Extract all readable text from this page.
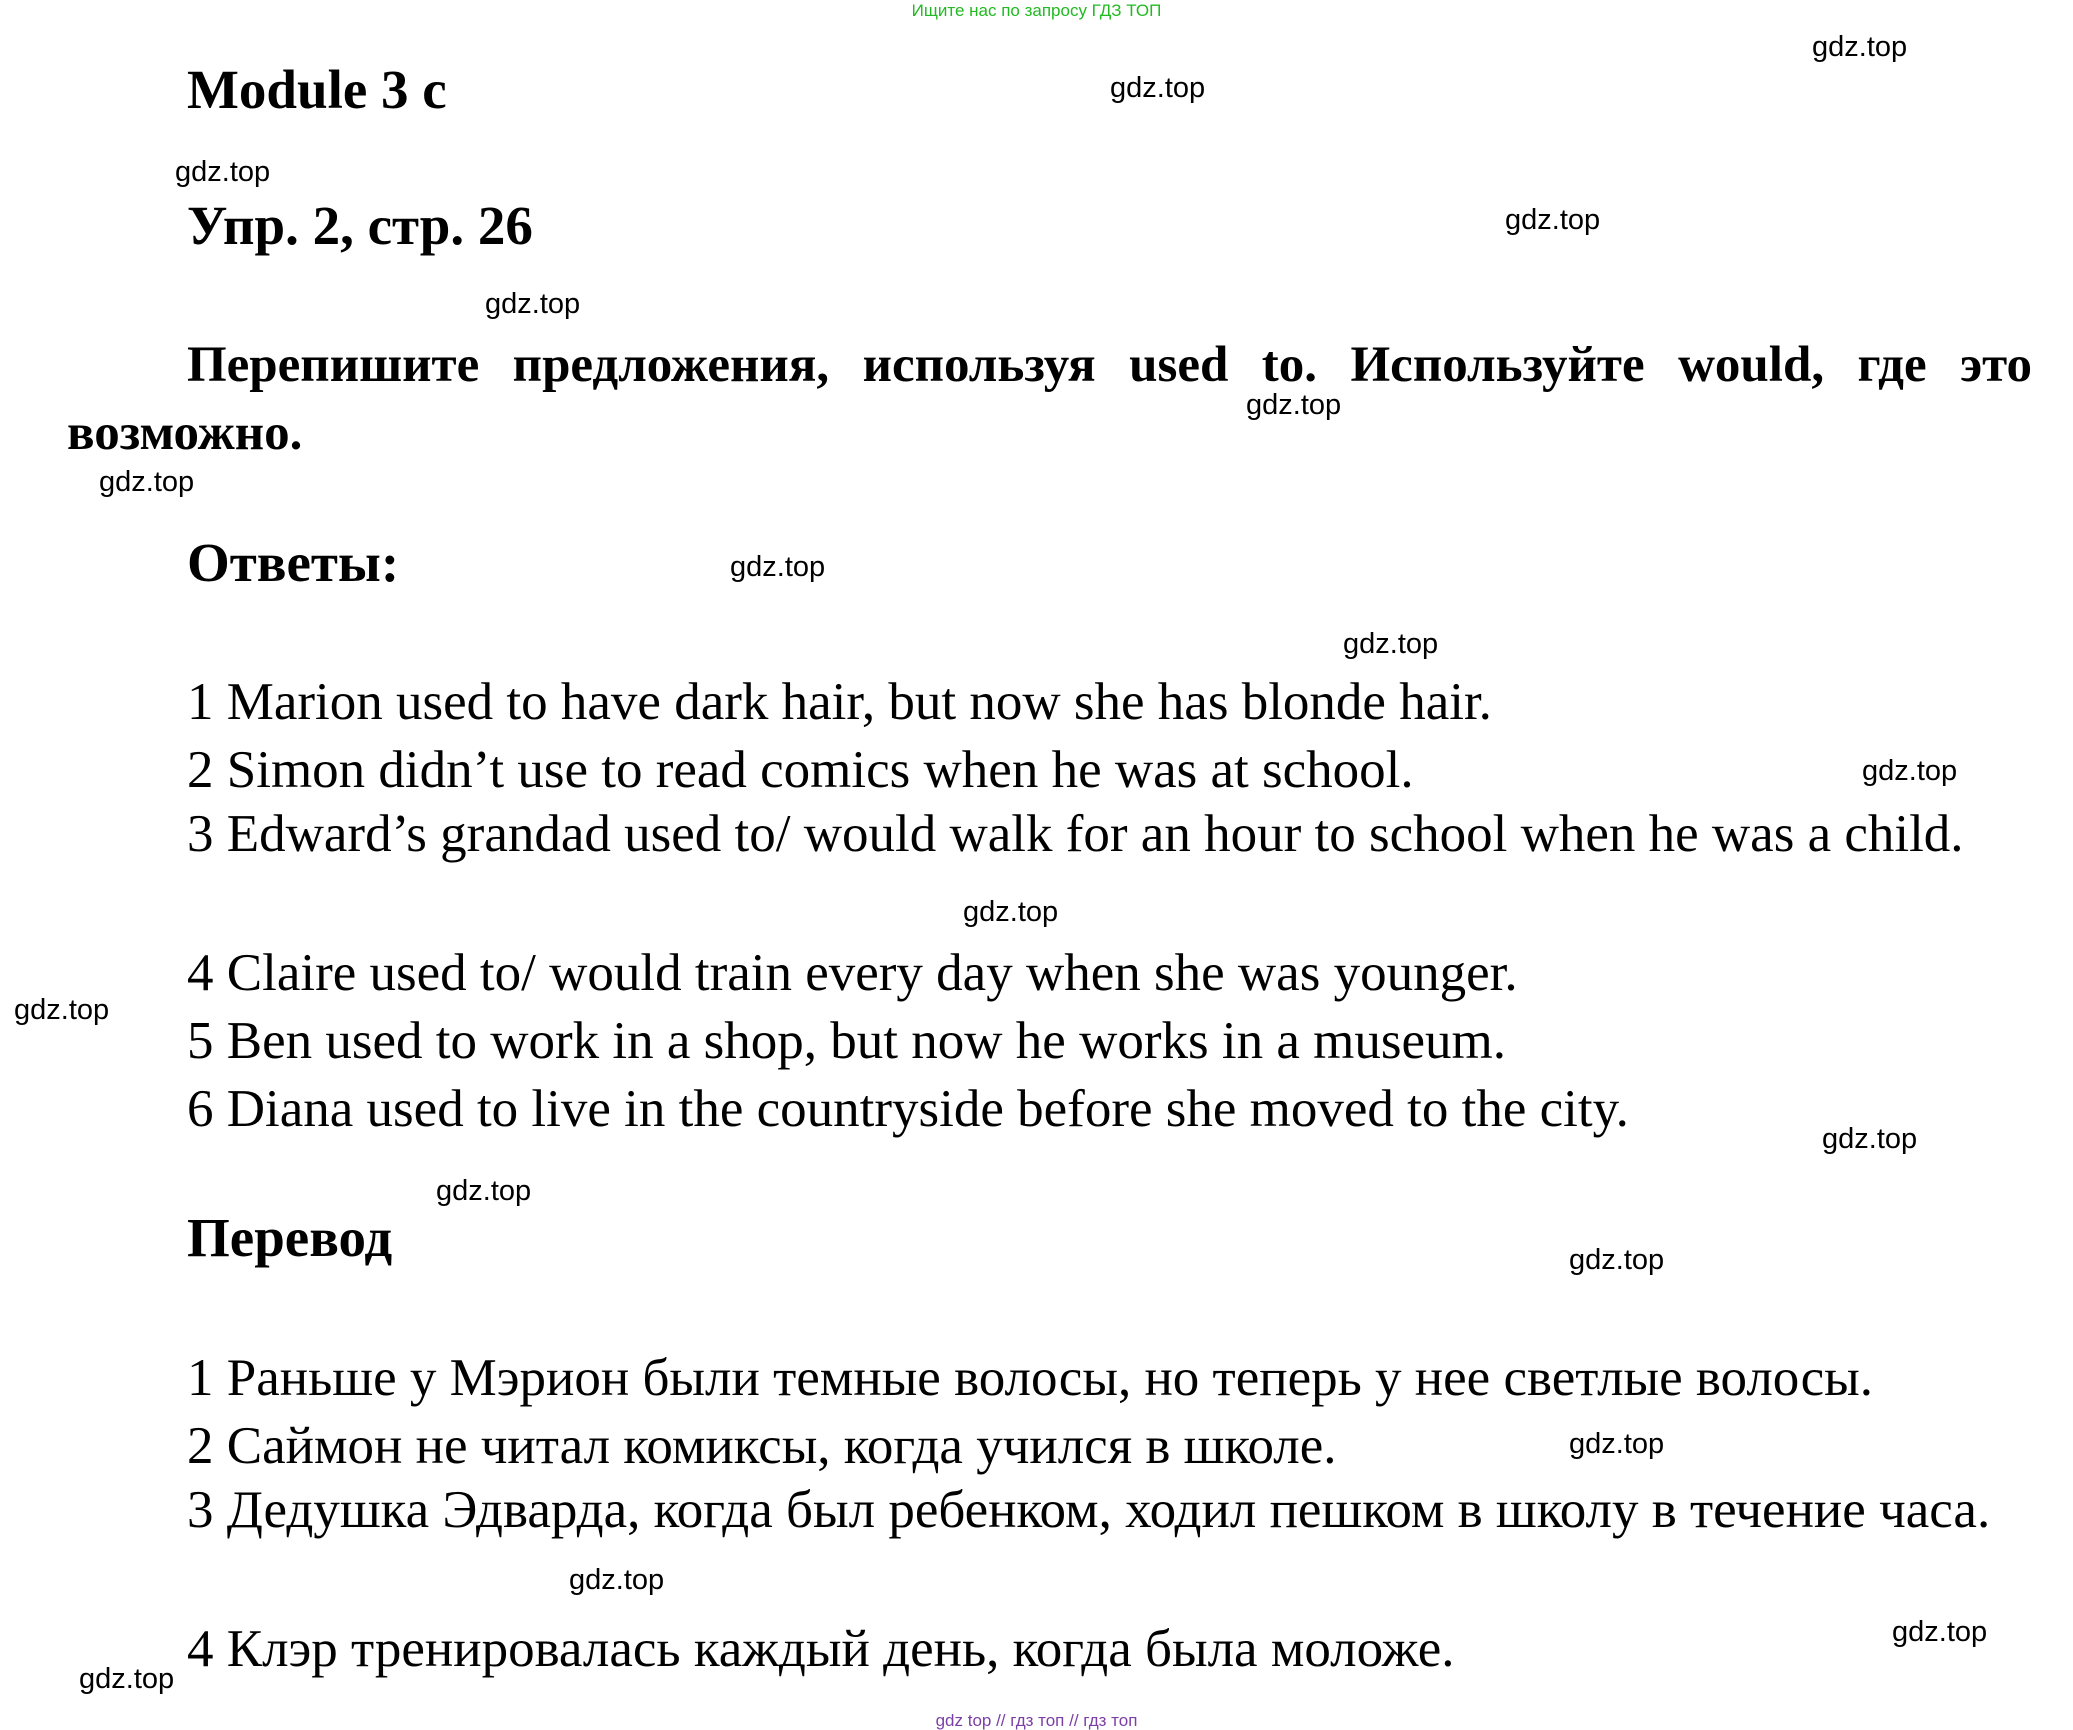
Ищите нас по запросу ГДЗ ТОП
Module 3 c
Упр. 2, стр. 26
Перепишите предложения, используя used to. Используйте would, где это возможно.
Ответы:
1 Marion used to have dark hair, but now she has blonde hair.
2 Simon didn’t use to read comics when he was at school.
3 Edward’s grandad used to/ would walk for an hour to school when he was a child.
4 Claire used to/ would train every day when she was younger.
5 Ben used to work in a shop, but now he works in a museum.
6 Diana used to live in the countryside before she moved to the city.
Перевод
1 Раньше у Мэрион были темные волосы, но теперь у нее светлые волосы.
2 Саймон не читал комиксы, когда учился в школе.
3 Дедушка Эдварда, когда был ребенком, ходил пешком в школу в течение часа.
4 Клэр тренировалась каждый день, когда была моложе.
gdz.top
gdz.top
gdz.top
gdz.top
gdz.top
gdz.top
gdz.top
gdz.top
gdz.top
gdz.top
gdz.top
gdz.top
gdz.top
gdz.top
gdz.top
gdz.top
gdz.top
gdz.top
gdz.top
gdz top // гдз топ // гдз топ
